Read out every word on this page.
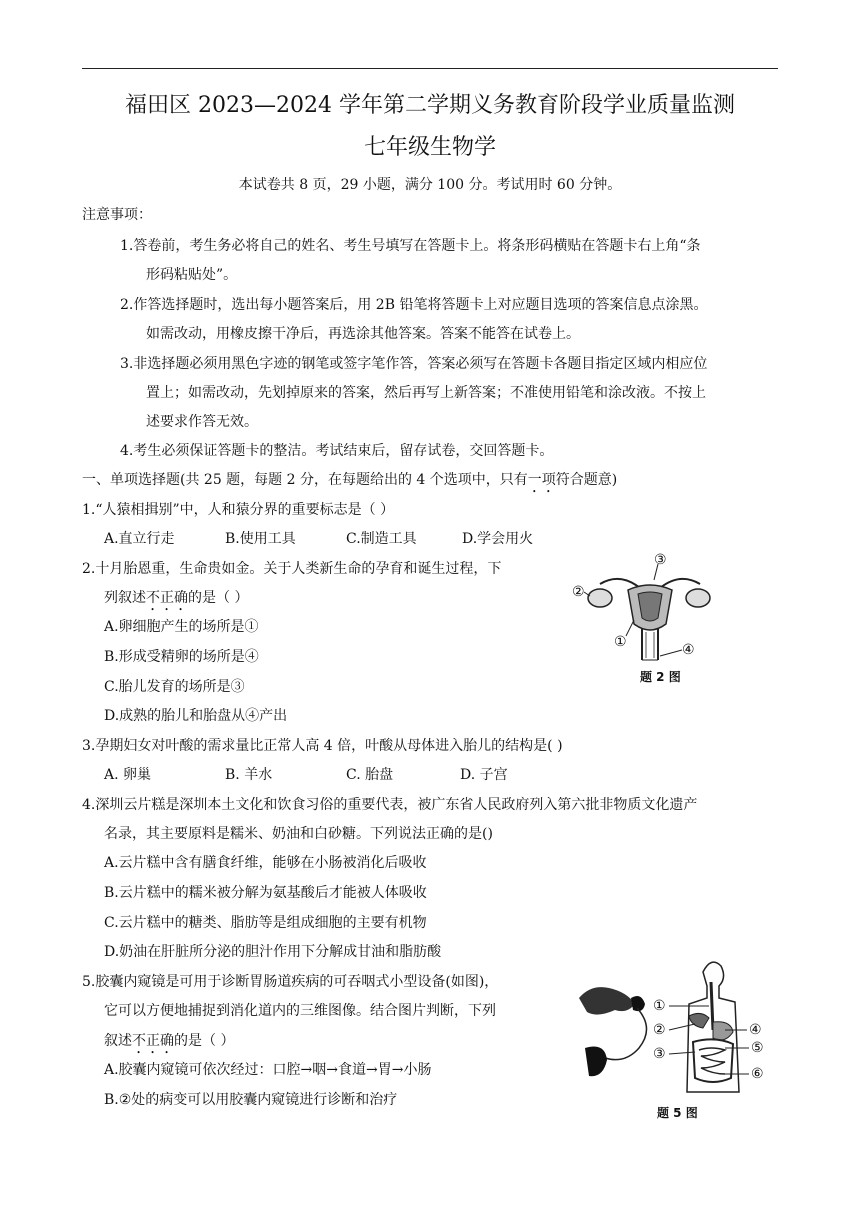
福田区 2023—2024 学年第二学期义务教育阶段学业质量监测
七年级生物学
本试卷共 8 页，29 小题，满分 100 分。考试用时 60 分钟。
注意事项：
1.答卷前，考生务必将自己的姓名、考生号填写在答题卡上。将条形码横贴在答题卡右上角“条
形码粘贴处”。
2.作答选择题时，选出每小题答案后，用 2B 铅笔将答题卡上对应题目选项的答案信息点涂黑。
如需改动，用橡皮擦干净后，再选涂其他答案。答案不能答在试卷上。
3.非选择题必须用黑色字迹的钢笔或签字笔作答，答案必须写在答题卡各题目指定区域内相应位
置上；如需改动，先划掉原来的答案，然后再写上新答案；不准使用铅笔和涂改液。不按上
述要求作答无效。
4.考生必须保证答题卡的整洁。考试结束后，留存试卷，交回答题卡。
一、单项选择题(共 25 题，每题 2 分，在每题给出的 4 个选项中，只有一项符合题意)
1.“人猿相揖别”中，人和猿分界的重要标志是（ ）
A.直立行走	B.使用工具	C.制造工具	D.学会用火
2.十月胎恩重，生命贵如金。关于人类新生命的孕育和诞生过程，下
列叙述不正确的是（ ）
A.卵细胞产生的场所是①
B.形成受精卵的场所是④
C.胎儿发育的场所是③
D.成熟的胎儿和胎盘从④产出
③
②
①	④
题 2 图
3.孕期妇女对叶酸的需求量比正常人高 4 倍，叶酸从母体进入胎儿的结构是( )
A. 卵巢	B. 羊水	C. 胎盘	D. 子宫
4.深圳云片糕是深圳本土文化和饮食习俗的重要代表，被广东省人民政府列入第六批非物质文化遗产
名录，其主要原料是糯米、奶油和白砂糖。下列说法正确的是()
A.云片糕中含有膳食纤维，能够在小肠被消化后吸收
B.云片糕中的糯米被分解为氨基酸后才能被人体吸收
C.云片糕中的糖类、脂肪等是组成细胞的主要有机物
D.奶油在肝脏所分泌的胆汁作用下分解成甘油和脂肪酸
5.胶囊内窥镜是可用于诊断胃肠道疾病的可吞咽式小型设备(如图)，
它可以方便地捕捉到消化道内的三维图像。结合图片判断，下列
叙述不正确的是（ ）
A.胶囊内窥镜可依次经过：口腔→咽→食道→胃→小肠
B.②处的病变可以用胶囊内窥镜进行诊断和治疗
①
②
③
④
⑤
⑥
题 5 图
